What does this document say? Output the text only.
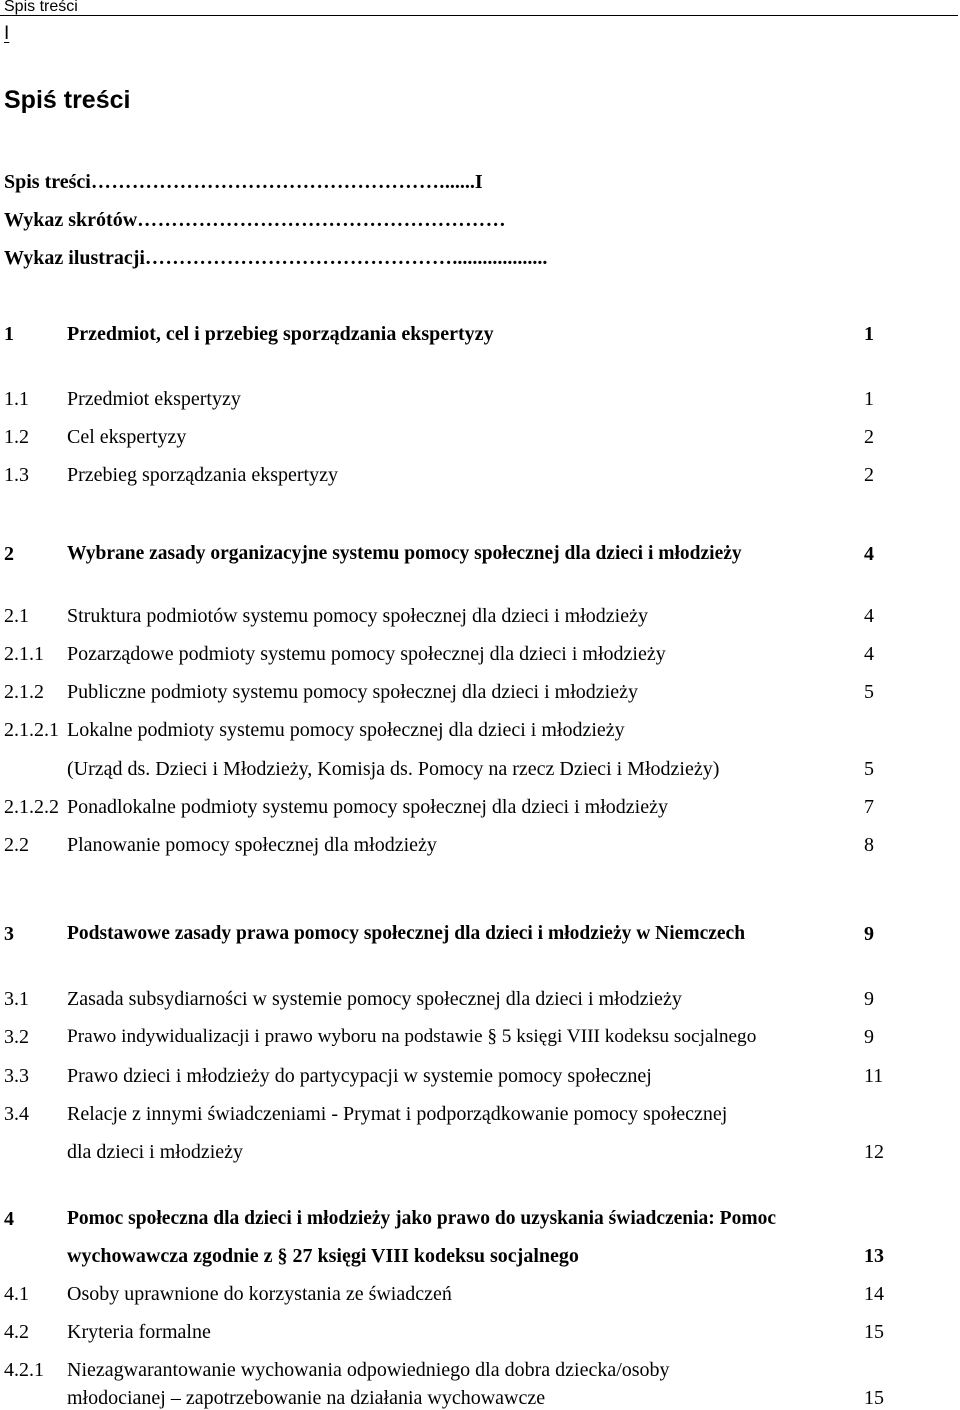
Spis treści
I
Spiś treści
Spis treści…………………………………………….......I
Wykaz skrótów………………………………………………
Wykaz ilustracji………………………………………...................
1	Przedmiot, cel i przebieg sporządzania ekspertyzy	1
1.1 Przedmiot ekspertyzy	1
1.2 Cel ekspertyzy	2
1.3 Przebieg sporządzania ekspertyzy	2
2	Wybrane zasady organizacyjne systemu pomocy społecznej dla dzieci i młodzieży	4
2.1 Struktura podmiotów systemu pomocy społecznej dla dzieci i młodzieży	4
2.1.1 Pozarządowe podmioty systemu pomocy społecznej dla dzieci i młodzieży	4
2.1.2 Publiczne podmioty systemu pomocy społecznej dla dzieci i młodzieży	5
2.1.2.1 Lokalne podmioty systemu pomocy społecznej dla dzieci i młodzieży
(Urząd ds. Dzieci i Młodzieży, Komisja ds. Pomocy na rzecz Dzieci i Młodzieży)	5
2.1.2.2 Ponadlokalne podmioty systemu pomocy społecznej dla dzieci i młodzieży	7
2.2 Planowanie pomocy społecznej dla młodzieży	8
3	Podstawowe zasady prawa pomocy społecznej dla dzieci i młodzieży w Niemczech	9
3.1 Zasada subsydiarności w systemie pomocy społecznej dla dzieci i młodzieży	9
3.2 Prawo indywidualizacji i prawo wyboru na podstawie § 5 księgi VIII kodeksu socjalnego	9
3.3 Prawo dzieci i młodzieży do partycypacji w systemie pomocy społecznej	11
3.4 Relacje z innymi świadczeniami - Prymat i podporządkowanie pomocy społecznej
dla dzieci i młodzieży	12
4	Pomoc społeczna dla dzieci i młodzieży jako prawo do uzyskania świadczenia: Pomoc
wychowawcza zgodnie z § 27 księgi VIII kodeksu socjalnego	13
4.1 Osoby uprawnione do korzystania ze świadczeń	14
4.2 Kryteria formalne	15
4.2.1 Niezagwarantowanie wychowania odpowiedniego dla dobra dziecka/osoby
młodocianej – zapotrzebowanie na działania wychowawcze	15
